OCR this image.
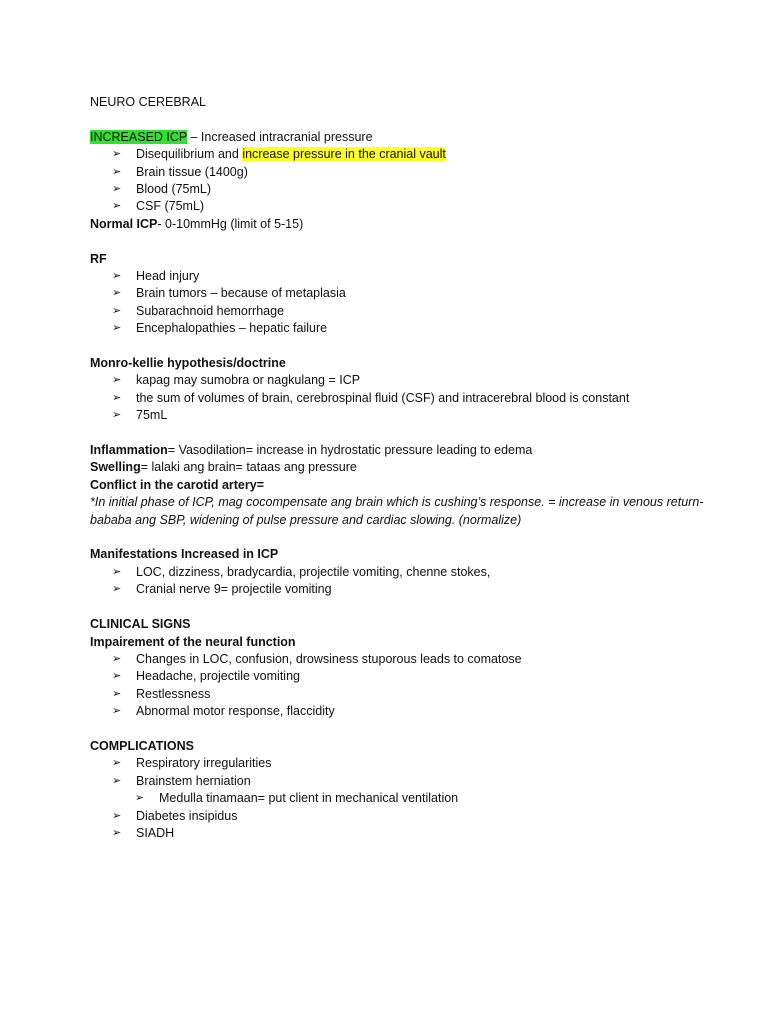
NEURO CEREBRAL
INCREASED ICP – Increased intracranial pressure
➢ Disequilibrium and increase pressure in the cranial vault
➢ Brain tissue (1400g)
➢ Blood (75mL)
➢ CSF (75mL)
Normal ICP- 0-10mmHg (limit of 5-15)
RF
➢ Head injury
➢ Brain tumors – because of metaplasia
➢ Subarachnoid hemorrhage
➢ Encephalopathies – hepatic failure
Monro-kellie hypothesis/doctrine
➢ kapag may sumobra or nagkulang = ICP
➢ the sum of volumes of brain, cerebrospinal fluid (CSF) and intracerebral blood is constant
➢ 75mL
Inflammation= Vasodilation= increase in hydrostatic pressure leading to edema
Swelling= lalaki ang brain= tataas ang pressure
Conflict in the carotid artery=
*In initial phase of ICP, mag cocompensate ang brain which is cushing’s response. = increase in venous return- bababa ang SBP, widening of pulse pressure and cardiac slowing. (normalize)
Manifestations Increased in ICP
➢ LOC, dizziness, bradycardia, projectile vomiting, chenne stokes,
➢ Cranial nerve 9= projectile vomiting
CLINICAL SIGNS
Impairement of the neural function
➢ Changes in LOC, confusion, drowsiness stuporous leads to comatose
➢ Headache, projectile vomiting
➢ Restlessness
➢ Abnormal motor response, flaccidity
COMPLICATIONS
➢ Respiratory irregularities
➢ Brainstem herniation
➢ Medulla tinamaan= put client in mechanical ventilation
➢ Diabetes insipidus
➢ SIADH
